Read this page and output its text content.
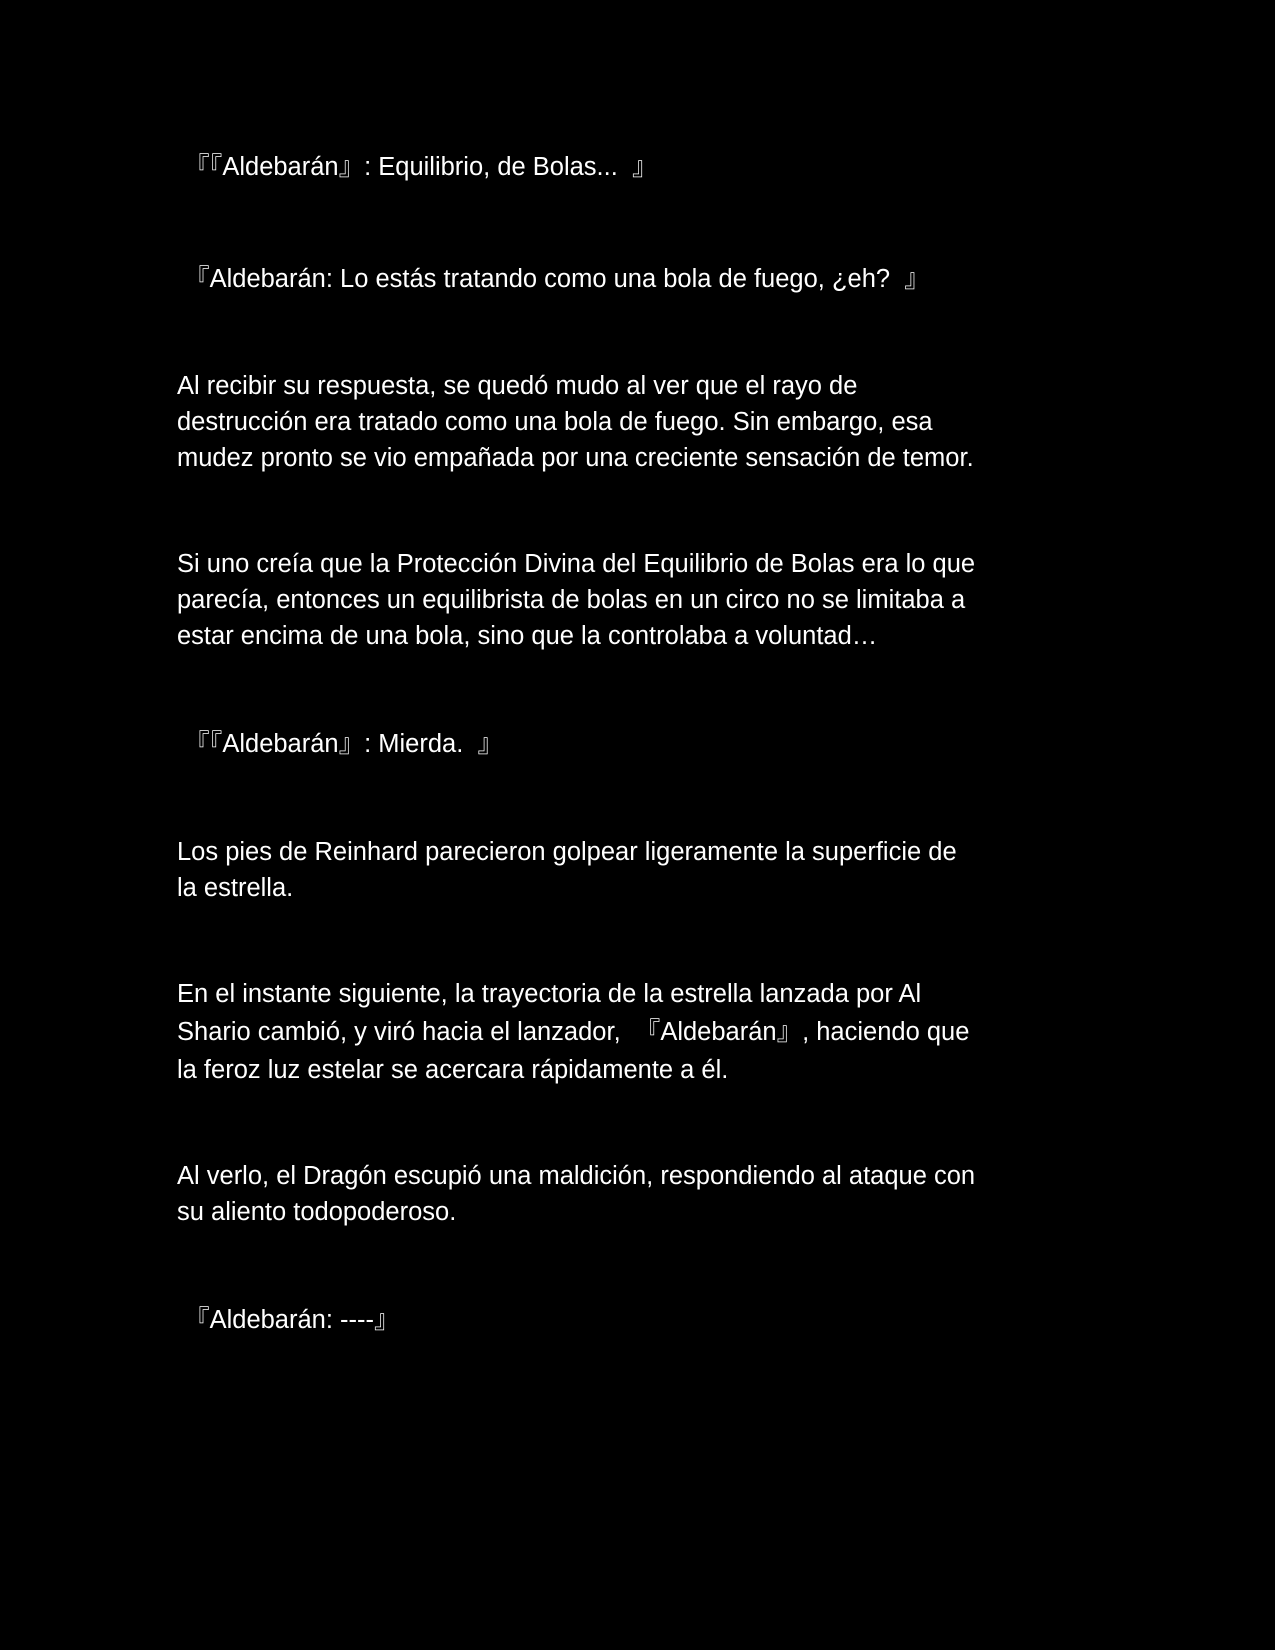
『『Aldebarán』: Equilibrio, de Bolas...  』
『Aldebarán: Lo estás tratando como una bola de fuego, ¿eh?  』
Al recibir su respuesta, se quedó mudo al ver que el rayo de
destrucción era tratado como una bola de fuego. Sin embargo, esa
mudez pronto se vio empañada por una creciente sensación de temor.
Si uno creía que la Protección Divina del Equilibrio de Bolas era lo que
parecía, entonces un equilibrista de bolas en un circo no se limitaba a
estar encima de una bola, sino que la controlaba a voluntad…
『『Aldebarán』: Mierda.  』
Los pies de Reinhard parecieron golpear ligeramente la superficie de
la estrella.
En el instante siguiente, la trayectoria de la estrella lanzada por Al
Shario cambió, y viró hacia el lanzador,  『Aldebarán』, haciendo que
la feroz luz estelar se acercara rápidamente a él.
Al verlo, el Dragón escupió una maldición, respondiendo al ataque con
su aliento todopoderoso.
『Aldebarán: ----』
